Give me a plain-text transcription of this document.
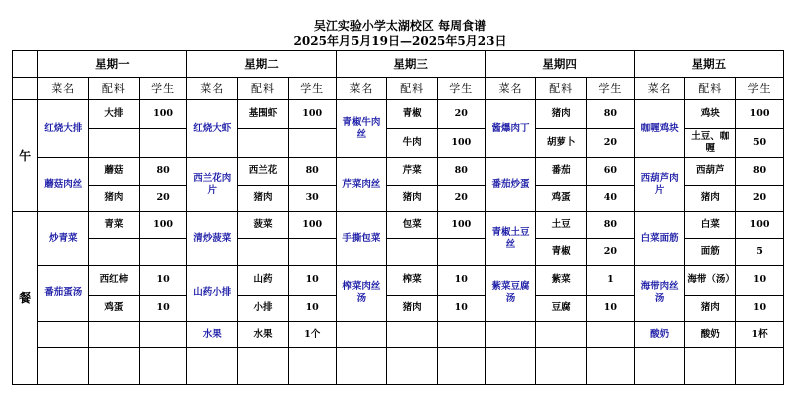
吴江实验小学太湖校区 每周食谱
2025年月5月19日—2025年5月23日
	星期一			星期二			星期三			星期四			星期五		
	菜名	配料	学生	菜名	配料	学生	菜名	配料	学生	菜名	配料	学生	菜名	配料	学生
午	红烧大排	大排	100	红烧大虾	基围虾	100	青椒牛肉丝	青椒	20	酱爆肉丁	猪肉	80	咖喱鸡块	鸡块	100
								牛肉	100		胡萝卜	20		土豆、咖喱	50
	蘑菇肉丝	蘑菇	80	西兰花肉片	西兰花	80	芹菜肉丝	芹菜	80	番茄炒蛋	番茄	60	西葫芦肉片	西葫芦	80
		猪肉	20		猪肉	30		猪肉	20		鸡蛋	40		猪肉	20
餐	炒青菜	青菜	100	清炒菠菜	菠菜	100	手撕包菜	包菜	100	青椒土豆丝	土豆	80	白菜面筋	白菜	100
											青椒	20		面筋	5
	番茄蛋汤	西红柿	10	山药小排	山药	10	榨菜肉丝汤	榨菜	10	紫菜豆腐汤	紫菜	1	海带肉丝汤	海带（汤）	10
		鸡蛋	10		小排	10		猪肉	10		豆腐	10		猪肉	10
				水果	水果	1个							酸奶	酸奶	1杯
